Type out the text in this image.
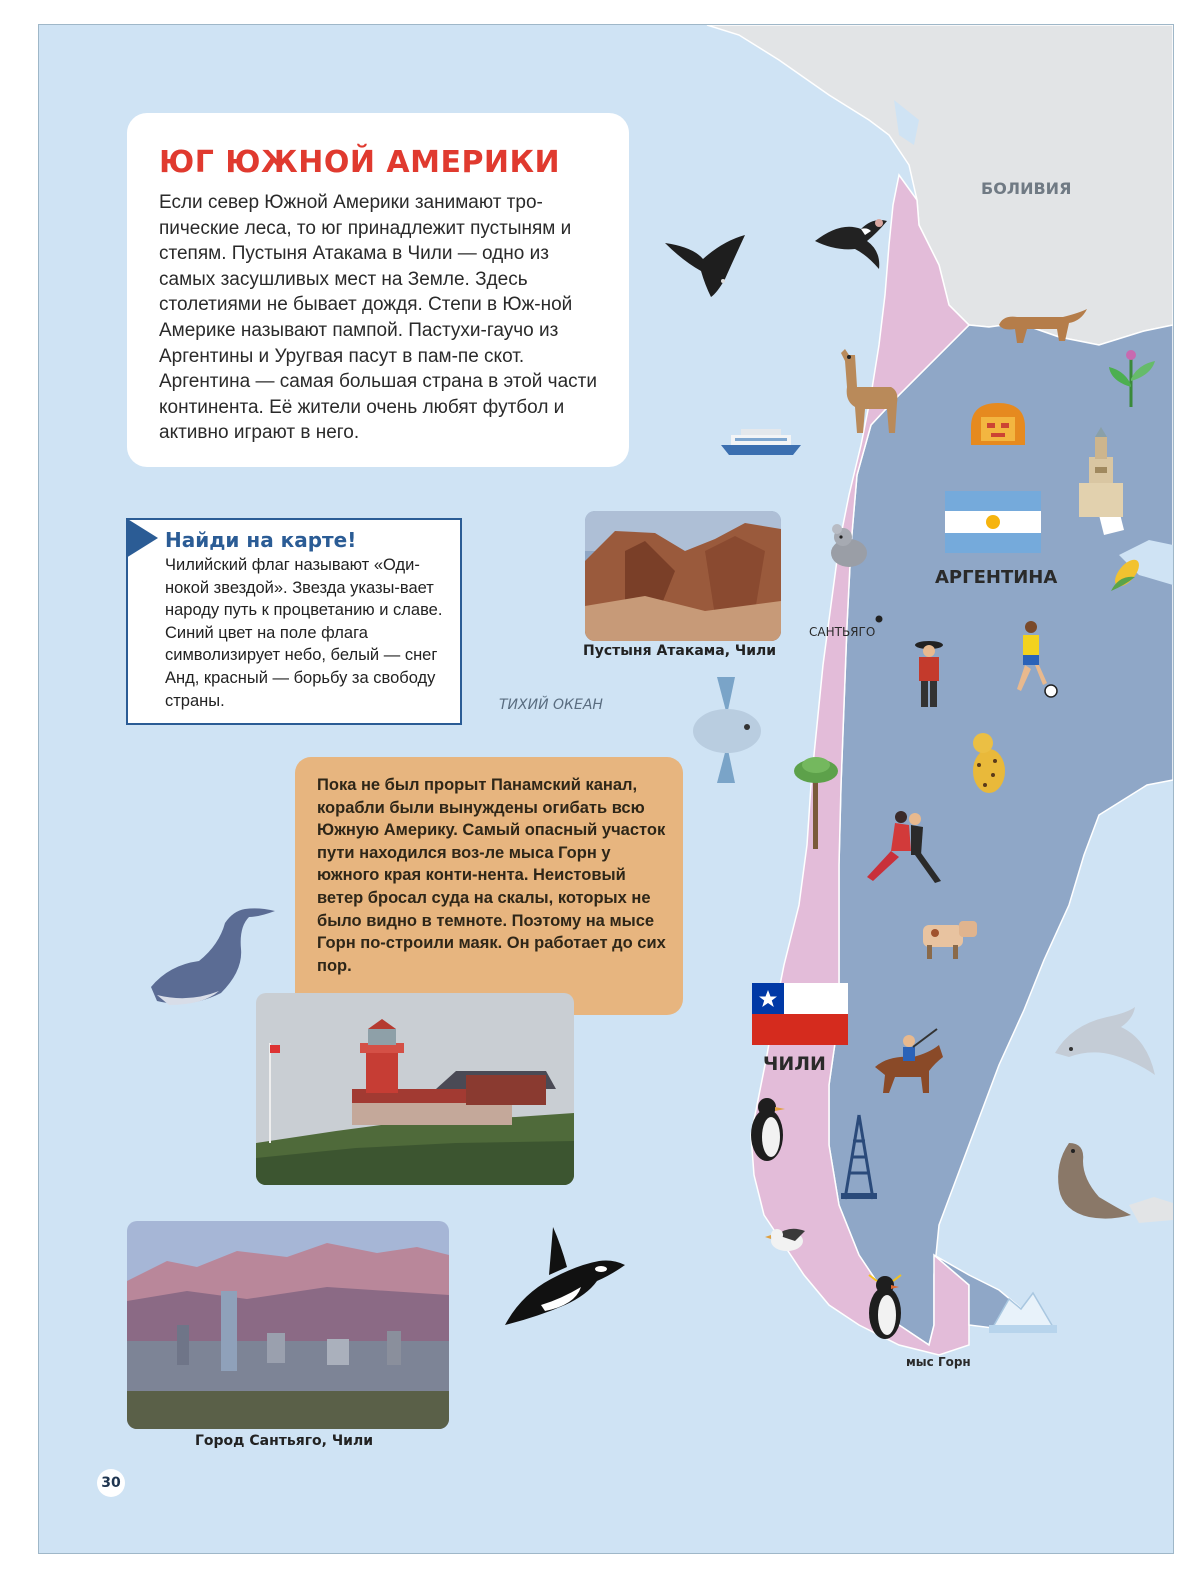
ЮГ ЮЖНОЙ АМЕРИКИ

Если север Южной Америки занимают тро-пические леса, то юг принадлежит пустыням и степям. Пустыня Атакама в Чили — одно из самых засушливых мест на Земле. Здесь столетиями не бывает дождя. Степи в Юж-ной Америке называют пампой. Пастухи-гаучо из Аргентины и Уругвая пасут в пам-пе скот. Аргентина — самая большая страна в этой части континента. Её жители очень любят футбол и активно играют в него.

Найди на карте!

Чилийский флаг называют «Оди-нокой звездой». Звезда указы-вает народу путь к процветанию и славе. Синий цвет на поле флага символизирует небо, белый — снег Анд, красный — борьбу за свободу страны.

Пока не был прорыт Панамский канал, корабли были вынуждены огибать всю Южную Америку. Самый опасный участок пути находился воз-ле мыса Горн у южного края конти-нента. Неистовый ветер бросал суда на скалы, которых не было видно в темноте. Поэтому на мысе Горн по-строили маяк. Он работает до сих пор.

Пустыня Атакама, Чили
Город Сантьяго, Чили
БОЛИВИЯ
АРГЕНТИНА
ЧИЛИ
САНТЬЯГО
ТИХИЙ ОКЕАН
мыс Горн
30
